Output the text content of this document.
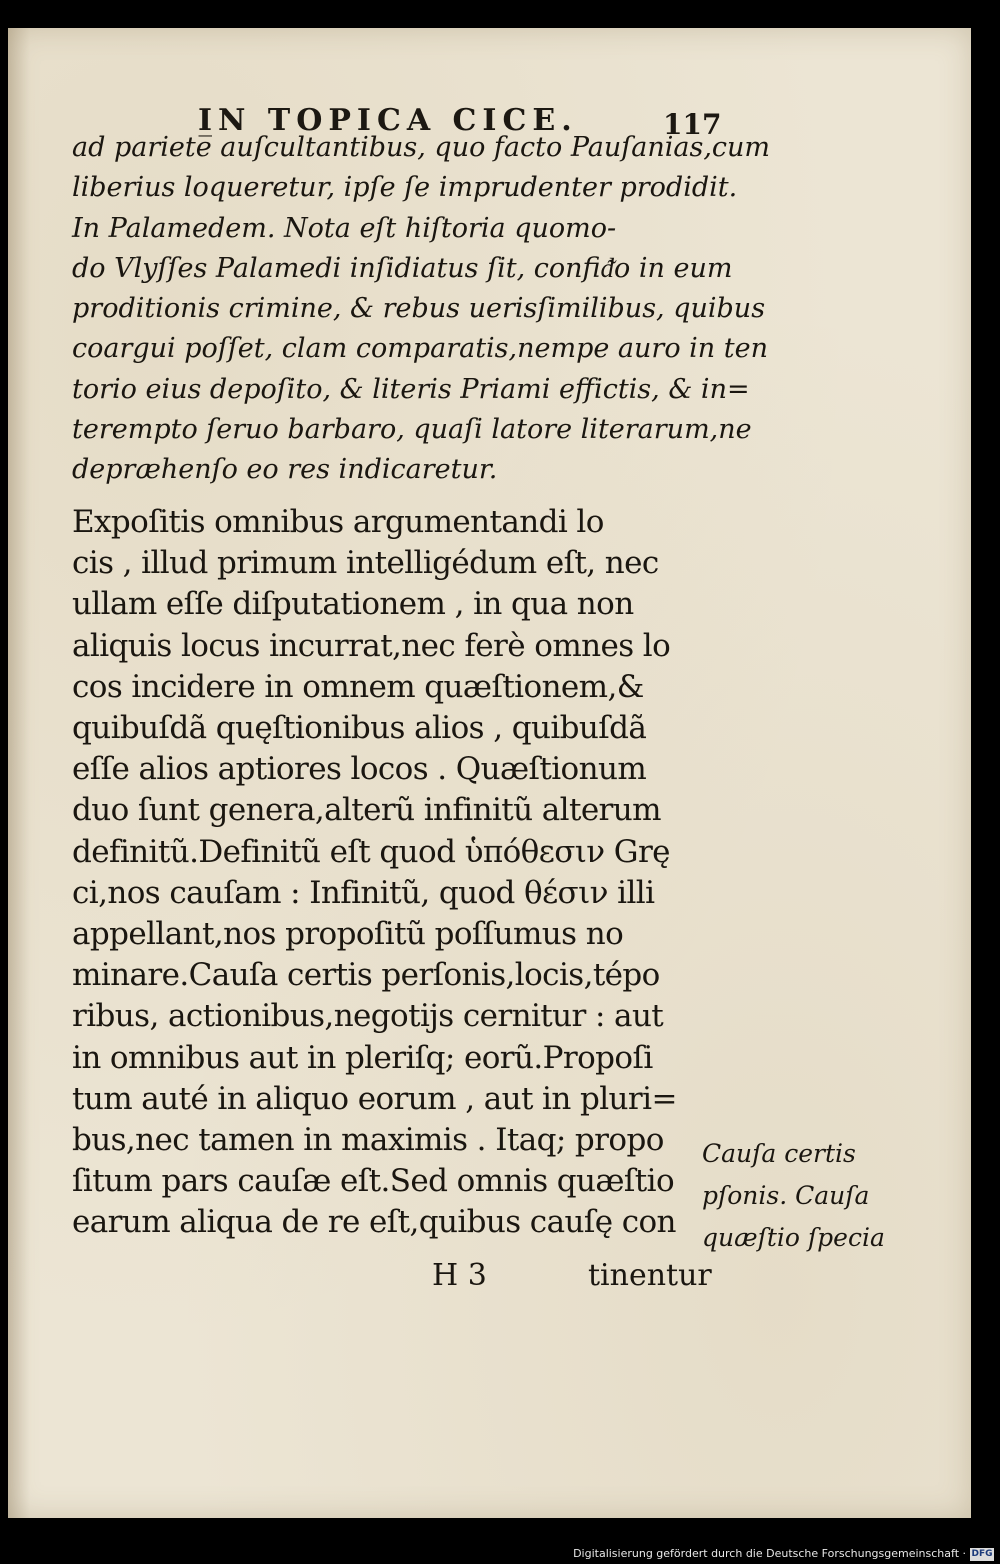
IN TOPICA CICE.	117
ad pariete̅ auſcultantibus, quo facto Pauſanias,cum
liberius loqueretur, ipſe ſe imprudenter prodidit.
In Palamedem. Nota eſt hiſtoria quomo-
do Vlyſſes Palamedi inſidiatus ſit, confiᵭo in eum
proditionis crimine, & rebus uerisſimilibus, quibus
coargui poſſet, clam comparatis,nempe auro in ten
torio eius depoſito, & literis Priami effictis, & in=
terempto ſeruo barbaro, quaſi latore literarum,ne
depræhenſo eo res indicaretur.
Expoſitis omnibus argumentandi lo
cis , illud primum intelligédum eſt, nec
ullam eſſe diſputationem , in qua non
aliquis locus incurrat,nec ferè omnes lo
cos incidere in omnem quæſtionem,&
quibuſdã quęſtionibus alios , quibuſdã
eſſe alios aptiores locos . Quæſtionum
duo ſunt genera,alterũ infinitũ alterum
definitũ.Definitũ eſt quod ὑπόθεσιν Grę
ci,nos cauſam : Infinitũ, quod θέσιν illi
appellant,nos propoſitũ poſſumus no
minare.Cauſa certis perſonis,locis,tépo
ribus, actionibus,negotijs cernitur : aut
in omnibus aut in pleriſq; eorũ.Propoſi
tum auté in aliquo eorum , aut in pluri=
bus,nec tamen in maximis . Itaq; propo
ſitum pars cauſæ eſt.Sed omnis quæſtio
earum aliqua de re eſt,quibus cauſę con
H 3	tinentur
Cauſa certis
pſonis. Cauſa
quæſtio ſpecia
Digitalisierung gefördert durch die Deutsche Forschungsgemeinschaft · DFG
